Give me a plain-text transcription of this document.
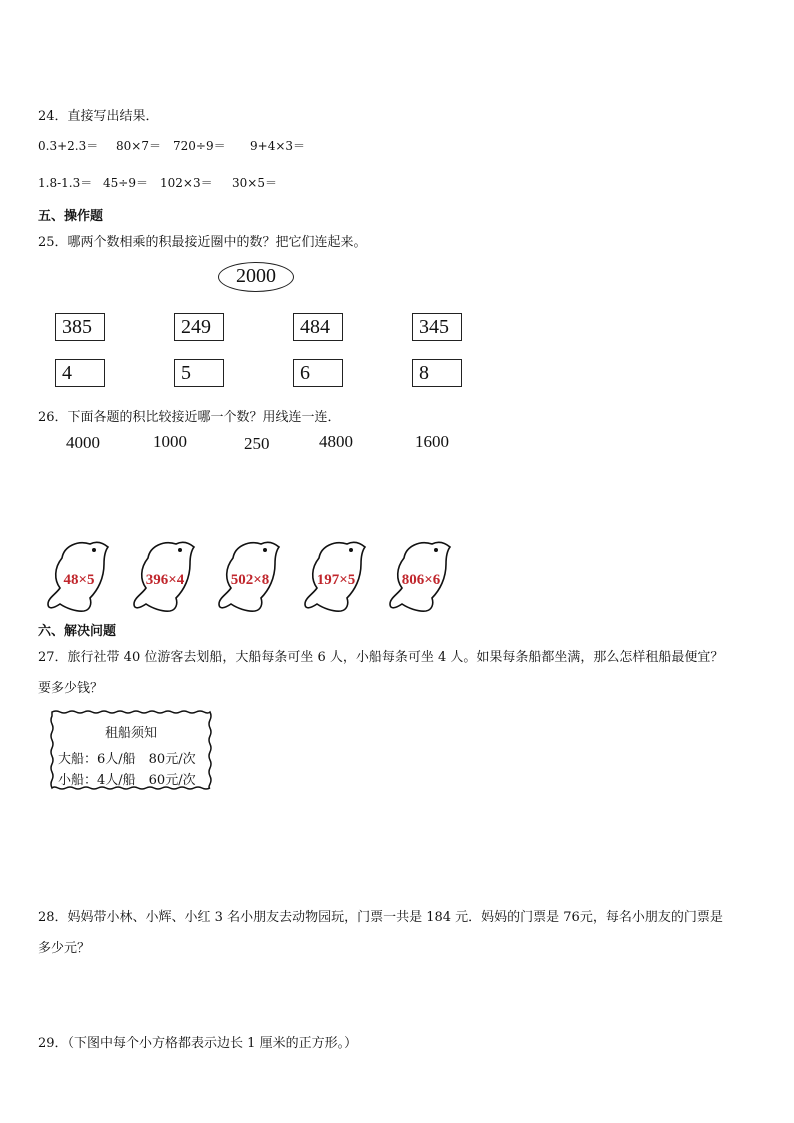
24．直接写出结果．
0.3+2.3＝ 80×7＝ 720÷9＝ 9+4×3＝
1.8-1.3＝ 45÷9＝ 102×3＝ 30×5＝
五、操作题
25．哪两个数相乘的积最接近圈中的数？把它们连起来。
2000
385	249	484	345
4	5	6	8
26．下面各题的积比较接近哪一个数？用线连一连．
4000	1000	250	4800	1600
48×5	396×4	502×8	197×5	806×6
六、解决问题
27．旅行社带 40 位游客去划船，大船每条可坐 6 人，小船每条可坐 4 人。如果每条船都坐满，那么怎样租船最便宜？
要多少钱？
租船须知
大船：6人/船　80元/次
小船：4人/船　60元/次
28．妈妈带小林、小辉、小红 3 名小朋友去动物园玩，门票一共是 184 元．妈妈的门票是 76元，每名小朋友的门票是
多少元？
29．（下图中每个小方格都表示边长 1 厘米的正方形。）
